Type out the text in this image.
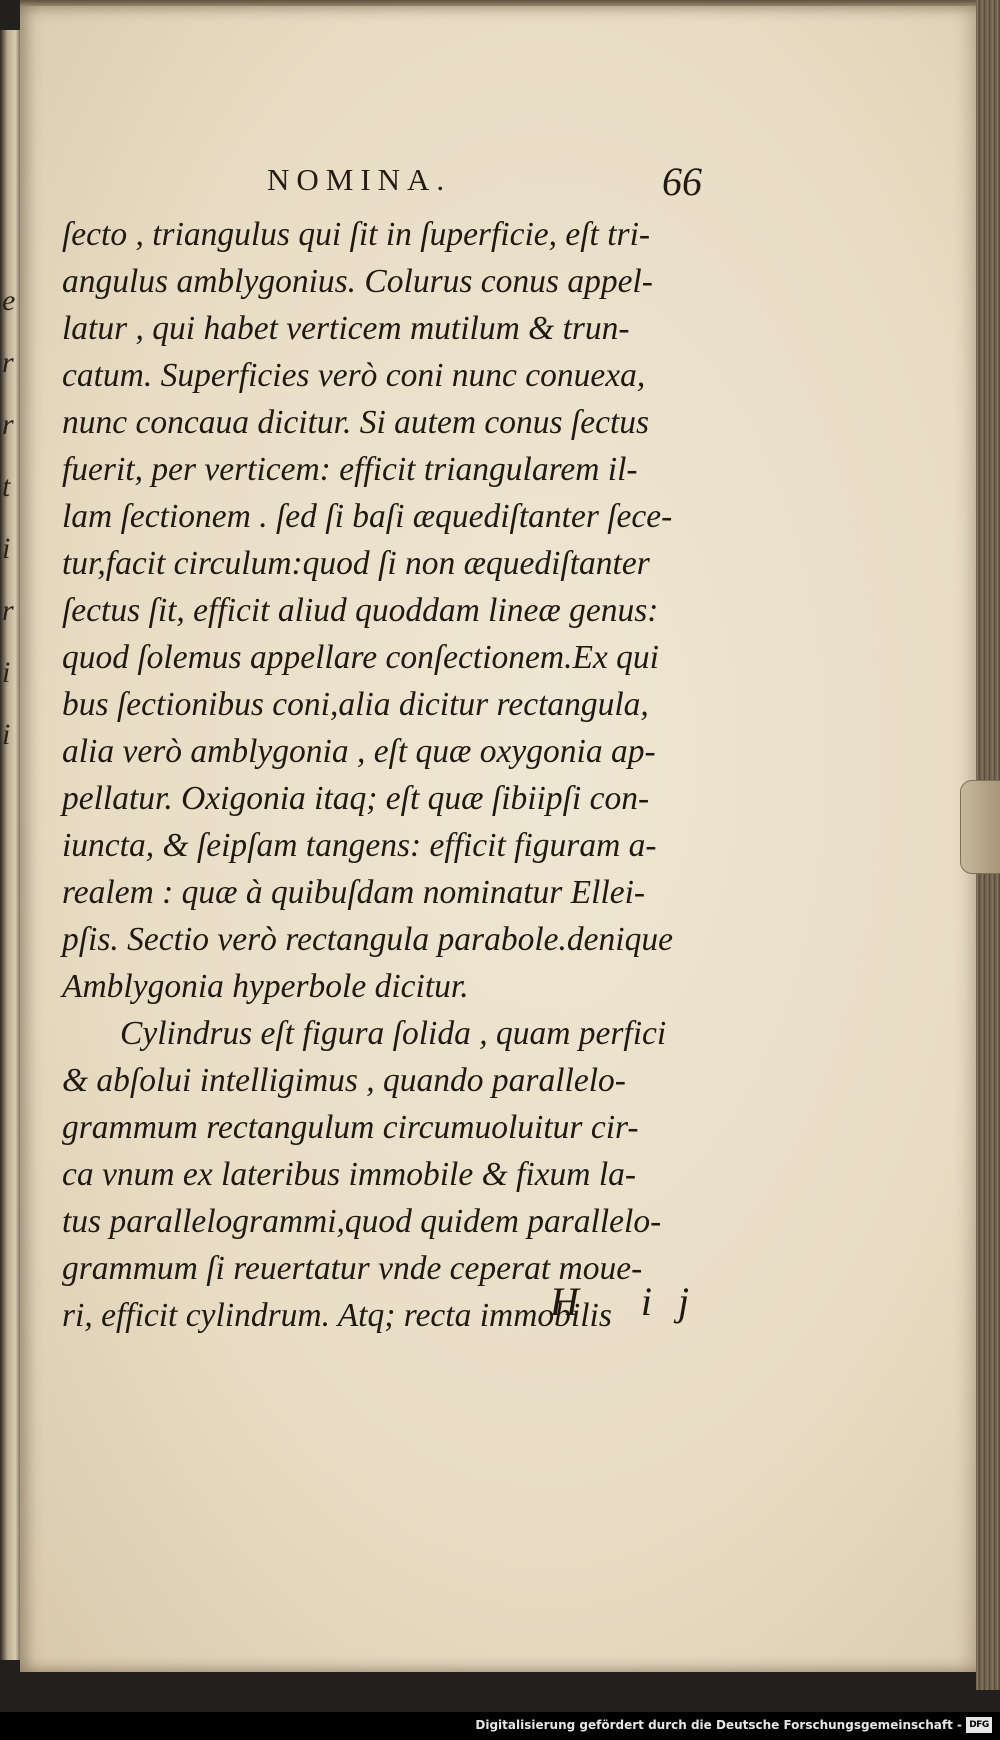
e
r
r
t
i
r
i
i
NOMINA.	66
ſecto , triangulus qui ſit in ſuperficie, eſt tri-
angulus amblygonius. Colurus conus appel-
latur , qui habet verticem mutilum & trun-
catum. Superficies verò coni nunc conuexa,
nunc concaua dicitur. Si autem conus ſectus
fuerit, per verticem: efficit triangularem il-
lam ſectionem . ſed ſi baſi æquediſtanter ſece-
tur,facit circulum:quod ſi non æquediſtanter
ſectus ſit, efficit aliud quoddam lineæ genus:
quod ſolemus appellare conſectionem.Ex qui
bus ſectionibus coni,alia dicitur rectangula,
alia verò amblygonia , eſt quæ oxygonia ap-
pellatur. Oxigonia itaq; eſt quæ ſibiipſi con-
iuncta, & ſeipſam tangens: efficit figuram a-
realem : quæ à quibuſdam nominatur Ellei-
pſis. Sectio verò rectangula parabole.denique
Amblygonia hyperbole dicitur.
Cylindrus eſt figura ſolida , quam perfici
& abſolui intelligimus , quando parallelo-
grammum rectangulum circumuoluitur cir-
ca vnum ex lateribus immobile & fixum la-
tus parallelogrammi,quod quidem parallelo-
grammum ſi reuertatur vnde ceperat moue-
ri, efficit cylindrum. Atq; recta immobilis
H ij
Digitalisierung gefördert durch die Deutsche Forschungsgemeinschaft - DFG
